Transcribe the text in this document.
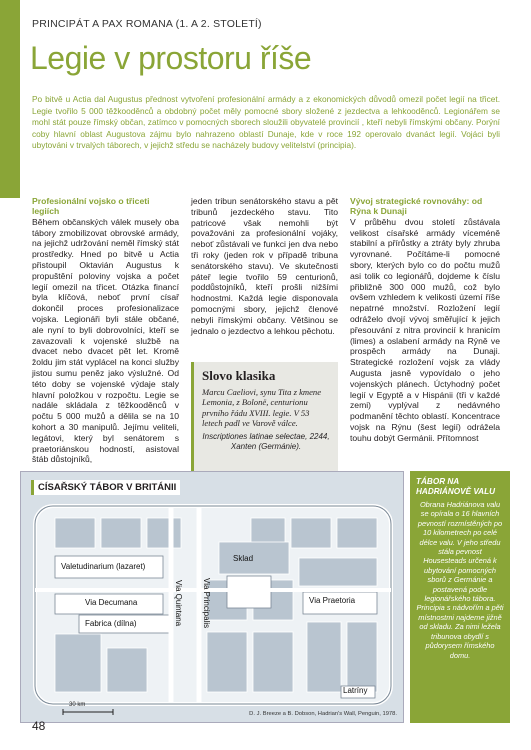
PRINCIPÁT A PAX ROMANA (1. A 2. STOLETÍ)
Legie v prostoru říše

Po bitvě u Actia dal Augustus přednost vytvoření profesionální armády a z ekonomických důvodů omezil počet legií na třicet. Legie tvořilo 5 000 těžkooděnců a obdobný počet měly pomocné sbory složené z jezdectva a lehkooděnců. Legionářem se mohl stát pouze římský občan, zatímco v pomocných sborech sloužili obyvatelé provincií , kteří nebyli římskými občany. Porýní coby hlavní oblast Augustova zájmu bylo nahrazeno oblastí Dunaje, kde v roce 192 operovalo dvanáct legií. Vojáci byli ubytováni v trvalých táborech, v jejichž středu se nacházely budovy velitelství (principia).

Profesionální vojsko o třiceti legiích

Během občanských válek musely oba tábory zmobilizovat obrovské armády, na jejichž udržování neměl římský stát prostředky. Hned po bitvě u Actia přistoupil Oktavián Augustus k propuštění poloviny vojska a počet legií omezil na třicet. Otázka financí byla klíčová, neboť první císař dokončil proces profesionalizace vojska. Legionáři byli stále občané, ale nyní to byli dobrovolníci, kteří se zavazovali k vojenské službě na dvacet nebo dvacet pět let. Kromě žoldu jim stát vyplácel na konci služby jistou sumu peněz jako výslužné. Od této doby se vojenské výdaje staly hlavní položkou v rozpočtu. Legie se nadále skládala z těžkooděnců v počtu 5 000 mužů a dělila se na 10 kohort a 30 manipulů. Jejímu veliteli, legátovi, který byl senátorem s praetoriánskou hodností, asistoval štáb důstojníků,

jeden tribun senátorského stavu a pět tribunů jezdeckého stavu. Tito patricové však nemohli být považováni za profesionální vojáky, neboť zůstávali ve funkci jen dva nebo tři roky (jeden rok v případě tribuna senátorského stavu). Ve skutečnosti páteř legie tvořilo 59 centurionů, poddůstojníků, kteří prošli nižšími hodnostmi. Každá legie disponovala pomocnými sbory, jejichž členové nebyli římskými občany. Většinou se jednalo o jezdectvo a lehkou pěchotu.

Slovo klasika

Marcu Caeliovi, synu Tita z kmene Lemonia, z Bolonë, centurionu prvního řádu XVIII. legie. V 53 letech padl ve Varově válce.

Inscriptiones latinae selectae, 2244, Xanten (Germánie).

Vývoj strategické rovnováhy: od Rýna k Dunaji

V průběhu dvou století zůstávala velikost císařské armády víceméně stabilní a přírůstky a ztráty byly zhruba vyrovnané. Počítáme-li pomocné sbory, kterých bylo co do počtu mužů asi tolik co legionářů, dojdeme k číslu přibližně 300 000 mužů, což bylo ovšem vzhledem k velikosti území říše nepatrné množství. Rozložení legií odráželo dvojí vývoj směřující k jejich přesouvání z nitra provincií k hranicím (limes) a oslabení armády na Rýně ve prospěch armády na Dunaji. Strategické rozložení vojsk za vlády Augusta jasně vypovídalo o jeho vojenských plánech. Úctyhodný počet legií v Egyptě a v Hispánii (tři v každé zemi) vyplýval z nedávného podmanění těchto oblastí. Koncentrace vojsk na Rýnu (šest legií) odrážela touhu dobýt Germánii. Přítomnost

CÍSAŘSKÝ TÁBOR V BRITÁNII
Sklad
Valetudinarium (lazaret)
Via Decumana
Fabrica (dílna)	Via Quintana Via Principalis	Via Praetoria
Latríny
30 km
D. J. Breeze a B. Dobson, Hadrian's Wall, Penguin, 1978.
TÁBOR NA HADRIÁNOVĚ VALU

Obrana Hadriánova valu se opírala o 16 hlavních pevností rozmístěných po 10 kilometrech po celé délce valu. V jeho středu stála pevnost Housesteads určená k ubytování pomocných sborů z Germánie a postavená podle legionářského tábora. Principia s nádvořím a pěti místnostmi najdeme jižně od skladu. Za nimi ležela tribunova obydlí s půdorysem římského domu.

48
